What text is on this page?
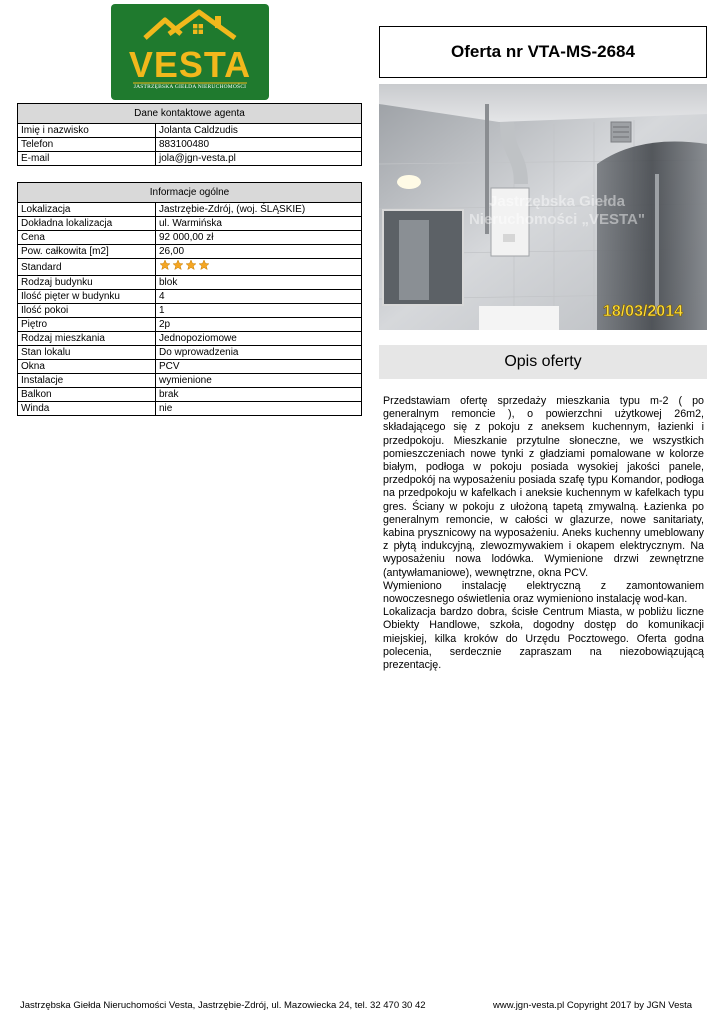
VESTA
JASTRZĘBSKA GIEŁDA NIERUCHOMOŚCI
Dane kontaktowe agenta	
Imię i nazwisko	Jolanta Caldzudis
Telefon	883100480
E-mail	jola@jgn-vesta.pl
Informacje ogólne	
Lokalizacja	Jastrzębie-Zdrój, (woj. ŚLĄSKIE)
Dokładna lokalizacja	ul. Warmińska
Cena	92 000,00 zł
Pow. całkowita [m2]	26,00
Standard	
Rodzaj budynku	blok
Ilość pięter w budynku	4
Ilość pokoi	1
Piętro	2p
Rodzaj mieszkania	Jednopoziomowe
Stan lokalu	Do wprowadzenia
Okna	PCV
Instalacje	wymienione
Balkon	brak
Winda	nie
Oferta nr VTA-MS-2684
Jastrzębska Giełda
Nieruchomości „VESTA"
18/03/2014
Opis oferty

Przedstawiam ofertę sprzedaży mieszkania typu m-2 ( po generalnym remoncie ), o powierzchni użytkowej 26m2, składającego się z pokoju z aneksem kuchennym, łazienki i przedpokoju. Mieszkanie przytulne słoneczne, we wszystkich pomieszczeniach nowe tynki z gładziami pomalowane w kolorze białym, podłoga w pokoju posiada wysokiej jakości panele, przedpokój na wyposażeniu posiada szafę typu Komandor, podłoga na przedpokoju w kafelkach i aneksie kuchennym w kafelkach typu gres. Ściany w pokoju z ułożoną tapetą zmywalną. Łazienka po generalnym remoncie, w całości w glazurze, nowe sanitariaty, kabina prysznicowy na wyposażeniu. Aneks kuchenny umeblowany z płytą indukcyjną, zlewozmywakiem i okapem elektrycznym. Na wyposażeniu nowa lodówka. Wymienione drzwi zewnętrzne (antywłamaniowe), wewnętrzne, okna PCV.

Wymieniono instalację elektryczną z zamontowaniem nowoczesnego oświetlenia oraz wymieniono instalację wod-kan.

Lokalizacja bardzo dobra, ścisłe Centrum Miasta, w pobliżu liczne Obiekty Handlowe, szkoła, dogodny dostęp do komunikacji miejskiej, kilka kroków do Urzędu Pocztowego. Oferta godna polecenia, serdecznie zapraszam na niezobowiązującą prezentację.

Jastrzębska Giełda Nieruchomości Vesta, Jastrzębie-Zdrój, ul. Mazowiecka 24, tel. 32 470 30 42	www.jgn-vesta.pl Copyright 2017 by JGN Vesta
